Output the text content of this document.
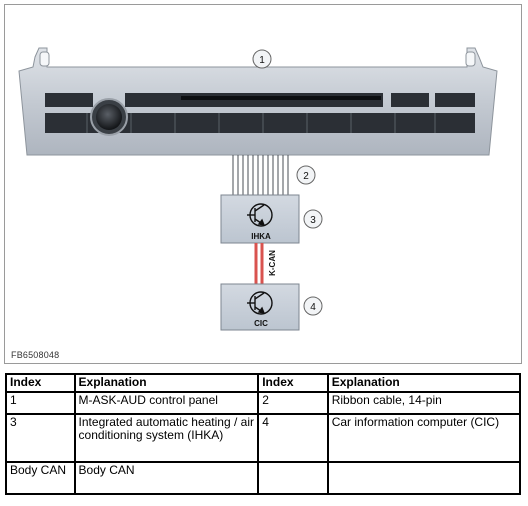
IHKA
K-CAN
CIC
1
2
3
4
FB6508048
Index	Explanation	Index	Explanation
1	M-ASK-AUD control panel	2	Ribbon cable, 14-pin
3	Integrated automatic heating / air conditioning system (IHKA)	4	Car information computer (CIC)
Body CAN	Body CAN		
